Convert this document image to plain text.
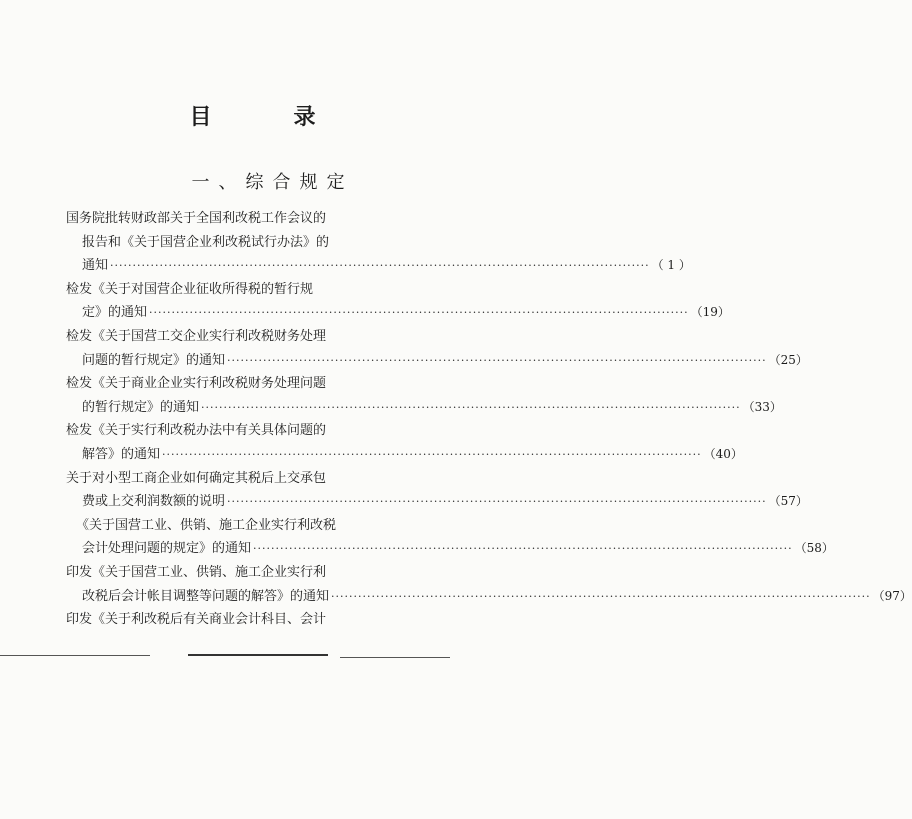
目　录
一、综合规定
国务院批转财政部关于全国利改税工作会议的
报告和《关于国营企业利改税试行办法》的
通知 ························································································································ （ 1 ）
检发《关于对国营企业征收所得税的暂行规
定》的通知 ························································································································ （19）
检发《关于国营工交企业实行利改税财务处理
问题的暂行规定》的通知 ························································································································ （25）
检发《关于商业企业实行利改税财务处理问题
的暂行规定》的通知 ························································································································ （33）
检发《关于实行利改税办法中有关具体问题的
解答》的通知 ························································································································ （40）
关于对小型工商企业如何确定其税后上交承包
费或上交利润数额的说明 ························································································································ （57）
《关于国营工业、供销、施工企业实行利改税
会计处理问题的规定》的通知 ························································································································ （58）
印发《关于国营工业、供销、施工企业实行利
改税后会计帐目调整等问题的解答》的通知 ························································································································ （97）
印发《关于利改税后有关商业会计科目、会计
